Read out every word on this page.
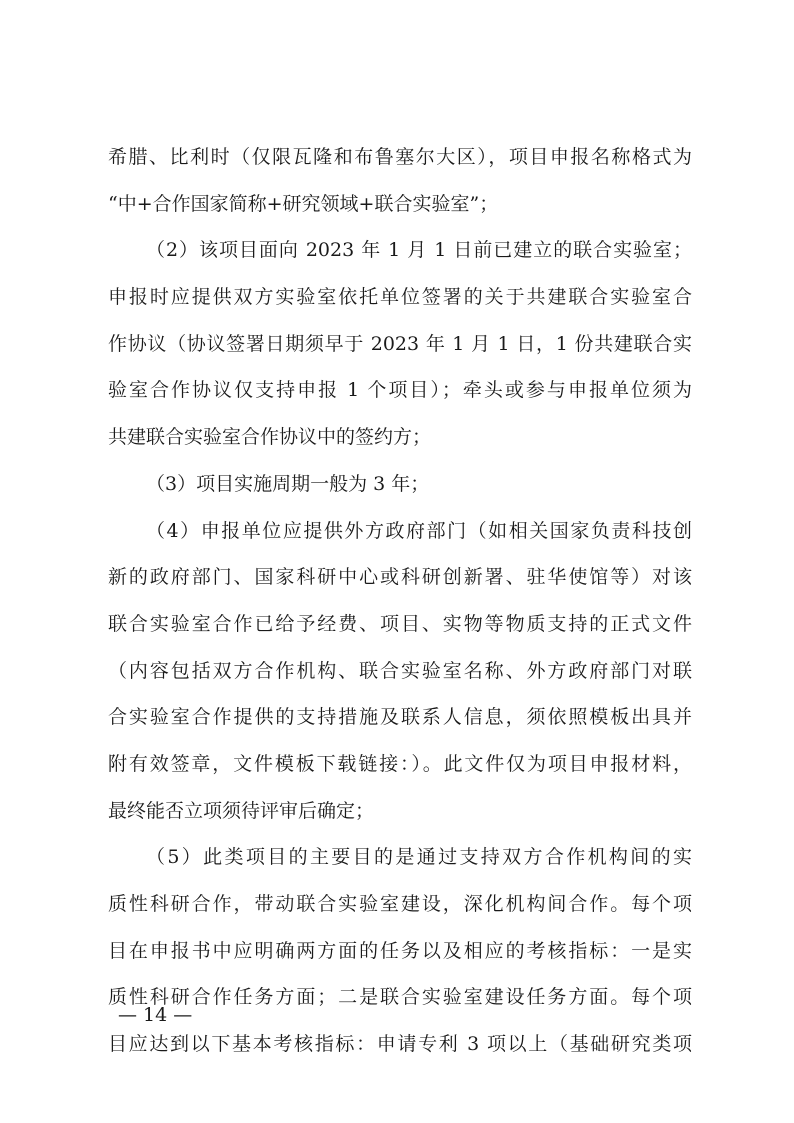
希腊、比利时（仅限瓦隆和布鲁塞尔大区），项目申报名称格式为
“中+合作国家简称+研究领域+联合实验室”；
（2）该项目面向 2023 年 1 月 1 日前已建立的联合实验室；
申报时应提供双方实验室依托单位签署的关于共建联合实验室合
作协议（协议签署日期须早于 2023 年 1 月 1 日，1 份共建联合实
验室合作协议仅支持申报 1 个项目）；牵头或参与申报单位须为
共建联合实验室合作协议中的签约方；
（3）项目实施周期一般为 3 年；
（4）申报单位应提供外方政府部门（如相关国家负责科技创
新的政府部门、国家科研中心或科研创新署、驻华使馆等）对该
联合实验室合作已给予经费、项目、实物等物质支持的正式文件
（内容包括双方合作机构、联合实验室名称、外方政府部门对联
合实验室合作提供的支持措施及联系人信息，须依照模板出具并
附有效签章，文件模板下载链接：）。此文件仅为项目申报材料，
最终能否立项须待评审后确定；
（5）此类项目的主要目的是通过支持双方合作机构间的实
质性科研合作，带动联合实验室建设，深化机构间合作。每个项
目在申报书中应明确两方面的任务以及相应的考核指标：一是实
质性科研合作任务方面；二是联合实验室建设任务方面。每个项
目应达到以下基本考核指标：申请专利 3 项以上（基础研究类项
— 14 —
